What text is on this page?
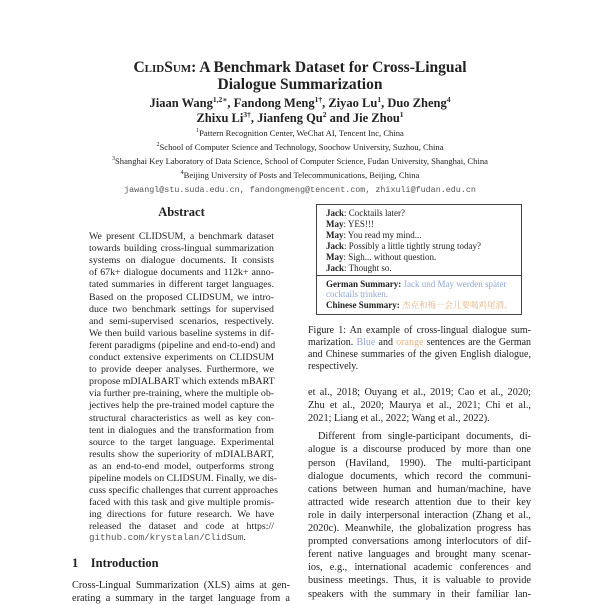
ClidSum: A Benchmark Dataset for Cross-Lingual
Dialogue Summarization
Jiaan Wang$^{1,2∗}$, Fandong Meng$^{1\dagger}$, Ziyao Lu$^1$, Duo Zheng$^4$
Zhixu $Li^{3\dagger}$, Jianfeng Qu$^2$ and Jie Zhou$^1$
$^1$Pattern Recognition Center, WeChat AI, Tencent Inc, China
$^2$School of Computer Science and Technology, Soochow University, Suzhou, China
$^3$Shanghai Key Laboratory of Data Science, School of Computer Science, Fudan University, Shanghai, China
$^4$Beijing University of Posts and Telecommunications, Beijing, China
jawangl@stu.suda.edu.cn, fandongmeng@tencent.com, zhixuli@fudan.edu.cn
Abstract
We present CLIDSUM, a benchmark dataset
towards building cross-lingual summarization
systems on dialogue documents. It consists
of 67k+ dialogue documents and 112k+ anno-
tated summaries in different target languages.
Based on the proposed CLIDSUM, we intro-
duce two benchmark settings for supervised
and semi-supervised scenarios, respectively.
We then build various baseline systems in dif-
ferent paradigms (pipeline and end-to-end) and
conduct extensive experiments on CLIDSUM
to provide deeper analyses. Furthermore, we
propose mDIALBART which extends mBART
via further pre-training, where the multiple ob-
jectives help the pre-trained model capture the
structural characteristics as well as key con-
tent in dialogues and the transformation from
source to the target language. Experimental
results show the superiority of mDIALBART,
as an end-to-end model, outperforms strong
pipeline models on CLIDSUM. Finally, we dis-
cuss specific challenges that current approaches
faced with this task and give multiple promis-
ing directions for future research. We have
released the dataset and code at https://
github.com/krystalan/ClidSum.
1 Introduction
Cross-Lingual Summarization (XLS) aims at gen-
erating a summary in the target language from a
Jack: Cocktails later?
May: YES!!!
May: You read my mind...
Jack: Possibly a little tightly strung today?
May: Sigh... without question.
Jack: Thought so.
German Summary: Jack und May werden später
cocktails trinken.
Chinese Summary: 杰克和梅一会儿要喝鸡尾酒。
Figure 1: An example of cross-lingual dialogue sum-
marization. Blue and orange sentences are the German
and Chinese summaries of the given English dialogue,
respectively.
et al., 2018; Ouyang et al., 2019; Cao et al., 2020;
Zhu et al., 2020; Maurya et al., 2021; Chi et al.,
2021; Liang et al., 2022; Wang et al., 2022).
Different from single-participant documents, di-
alogue is a discourse produced by more than one
person (Haviland, 1990). The multi-participant
dialogue documents, which record the communi-
cations between human and human/machine, have
attracted wide research attention due to their key
role in daily interpersonal interaction (Zhang et al.,
2020c). Meanwhile, the globalization progress has
prompted conversations among interlocutors of dif-
ferent native languages and brought many scenar-
ios, e.g., international academic conferences and
business meetings. Thus, it is valuable to provide
speakers with the summary in their familiar lan-
